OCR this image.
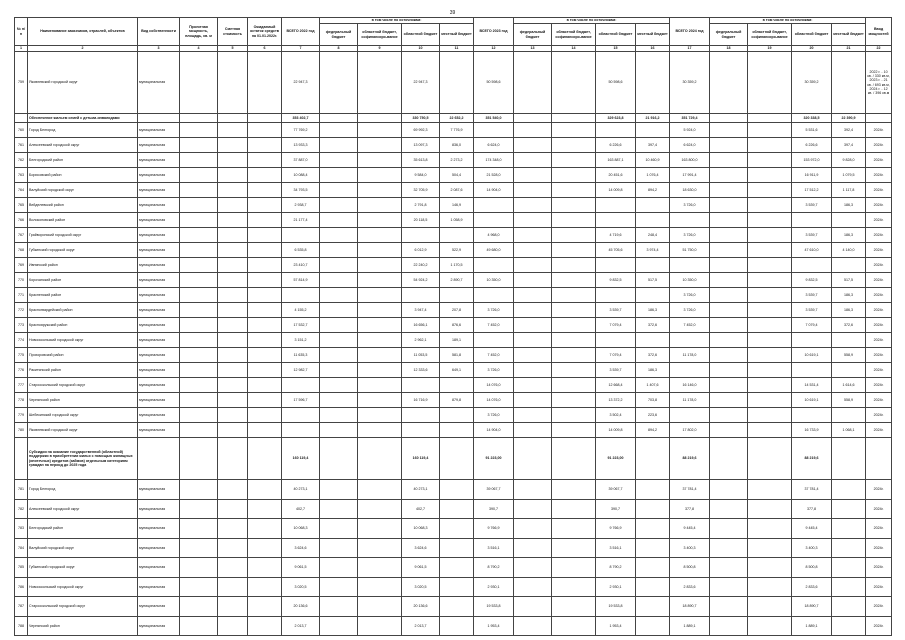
39
№ п/п	Наименование заказчиков, отраслей, объектов	Вид собственности	Проектная мощность, площадь, кв. м	Сметная стоимость	Ожидаемый остаток средств на 01.01.2022г.	ВСЕГО 2022 год	в том числе по источникам:				ВСЕГО 2023 год	в том числе по источникам:				ВСЕГО 2024 год	в том числе по источникам:				Ввод мощностей
							федеральный бюджет	областной бюджет, софинансиро-вание	областной бюджет	местный бюджет		федеральный бюджет	областной бюджет, софинансиро-вание	областной бюджет	местный бюджет		федеральный бюджет	областной бюджет, софинансиро-вание	областной бюджет	местный бюджет	
1	2	3	4	5	6	7	8	9	10	11	12	13	14	15	16	17	18	19	20	21	22
759	Яковлевский городской округ	муниципальная				22 947,3			22 947,3		50 598,6			50 598,6		30 359,2			30 359,2		2022 г. - 10 кв. / 330 кв.м, 2023 г. - 21 кв. / 693 кв.м, 2024 г. - 12 кв. / 396 кв.м
	Обеспечение жильем семей с детьми-инвалидами					353 402,7			330 750,5	22 652,2	351 540,0			329 623,8	21 916,2	351 729,4			320 338,5	22 390,9	
760	Город Белгород	муниципальная				77 769,2			69 992,3	7 776,9						5 924,0			5 531,6	392,4	2024г.
761	Алексеевский городской округ	муниципальная				13 933,3			13 097,3	836,0	6 624,0			6 226,6	397,4	6 624,0			6 226,6	397,4	2024г.
762	Белгородский район	муниципальная				37 887,0			35 613,8	2 273,2	174 348,0			163 887,1	10 460,9	163 800,0			153 972,0	9 828,0	2024г.
763	Борисовский район	муниципальная				10 088,4			9 584,0	504,4	21 528,0			20 451,6	1 076,4	17 991,4			16 911,9	1 079,5	2024г.
764	Валуйский городской округ	муниципальная				34 793,5			32 705,9	2 087,6	14 904,0			14 009,8	894,2	18 630,0			17 512,2	1 117,8	2024г.
765	Вейделевский район	муниципальная				2 938,7			2 791,8	146,9						3 726,0			3 539,7	186,3	2024г.
766	Волоконовский район	муниципальная				21 177,4			20 118,5	1 058,9											2024г.
767	Грайворонский городской округ	муниципальная									4 968,0			4 719,6	248,4	3 726,0			3 539,7	186,3	2024г.
768	Губкинский городской округ	муниципальная				6 535,8			6 012,9	522,9	49 680,0			45 705,6	3 974,4	51 750,0			47 610,0	4 140,0	2024г.
769	Ивнянский район	муниципальная				23 410,7			22 240,2	1 170,5											2024г.
770	Корочанский район	муниципальная				57 814,9			54 924,2	2 890,7	10 350,0			9 832,5	517,5	10 350,0			9 832,5	517,5	2024г.
771	Красненский район	муниципальная														3 726,0			3 539,7	186,3	2024г.
772	Красногвардейский район	муниципальная				4 155,2			3 947,4	207,8	3 726,0			3 539,7	186,3	3 726,0			3 539,7	186,3	2024г.
773	Краснояружский район	муниципальная				17 532,7			16 656,1	876,6	7 452,0			7 079,4	372,6	7 452,0			7 079,4	372,6	2024г.
774	Новооскольский городской округ	муниципальная				3 151,2			2 962,1	189,1											2024г.
775	Прохоровский район	муниципальная				11 635,3			11 053,5	581,8	7 452,0			7 079,4	372,6	11 178,0			10 619,1	558,9	2024г.
776	Ракитянский район	муниципальная				12 982,7			12 333,6	649,1	3 726,0			3 539,7	186,3						2024г.
777	Старооскольский городской округ	муниципальная									14 076,0			12 668,4	1 407,6	16 146,0			14 531,4	1 614,6	2024г.
778	Чернянский район	муниципальная				17 596,7			16 716,9	879,8	14 076,0			13 372,2	703,8	11 178,0			10 619,1	558,9	2024г.
779	Шебекинский городской округ	муниципальная									3 726,0			3 502,4	223,6						2024г.
780	Яковлевский городской округ	муниципальная									14 904,0			14 009,8	894,2	17 802,0			16 733,9	1 068,1	2024г.
	Субсидии на оказание государственной (областной) поддержки в приобретении жилья с помощью жилищных (ипотечных) кредитов (займов) отдельным категориям граждан на период до 2025 года					160 119,4			160 119,4		91 223,00			91 223,00		88 219,6			88 219,6		
781	Город Белгород	муниципальная				40 273,1			40 273,1		39 067,7			39 067,7		37 781,4			37 781,4		2024г.
782	Алексеевский городской округ	муниципальная				402,7			402,7		390,7			390,7		377,8			377,8		2024г.
783	Белгородский район	муниципальная				10 068,3			10 068,3		9 766,9			9 766,9		9 445,4			9 445,4		2024г.
784	Валуйский городской округ	муниципальная				3 624,6			3 624,6		3 516,1			3 516,1		3 400,3			3 400,3		2024г.
785	Губкинский городской округ	муниципальная				9 061,5			9 061,5		8 790,2			8 790,2		8 500,8			8 500,8		2024г.
786	Новооскольский городской округ	муниципальная				3 020,5			3 020,5		2 930,1			2 930,1		2 833,6			2 833,6		2024г.
787	Старооскольский городской округ	муниципальная				20 136,6			20 136,6		19 533,8			19 533,8		18 890,7			18 890,7		2024г.
788	Чернянский район	муниципальная				2 013,7			2 013,7		1 953,4			1 953,4		1 889,1			1 889,1		2024г.
